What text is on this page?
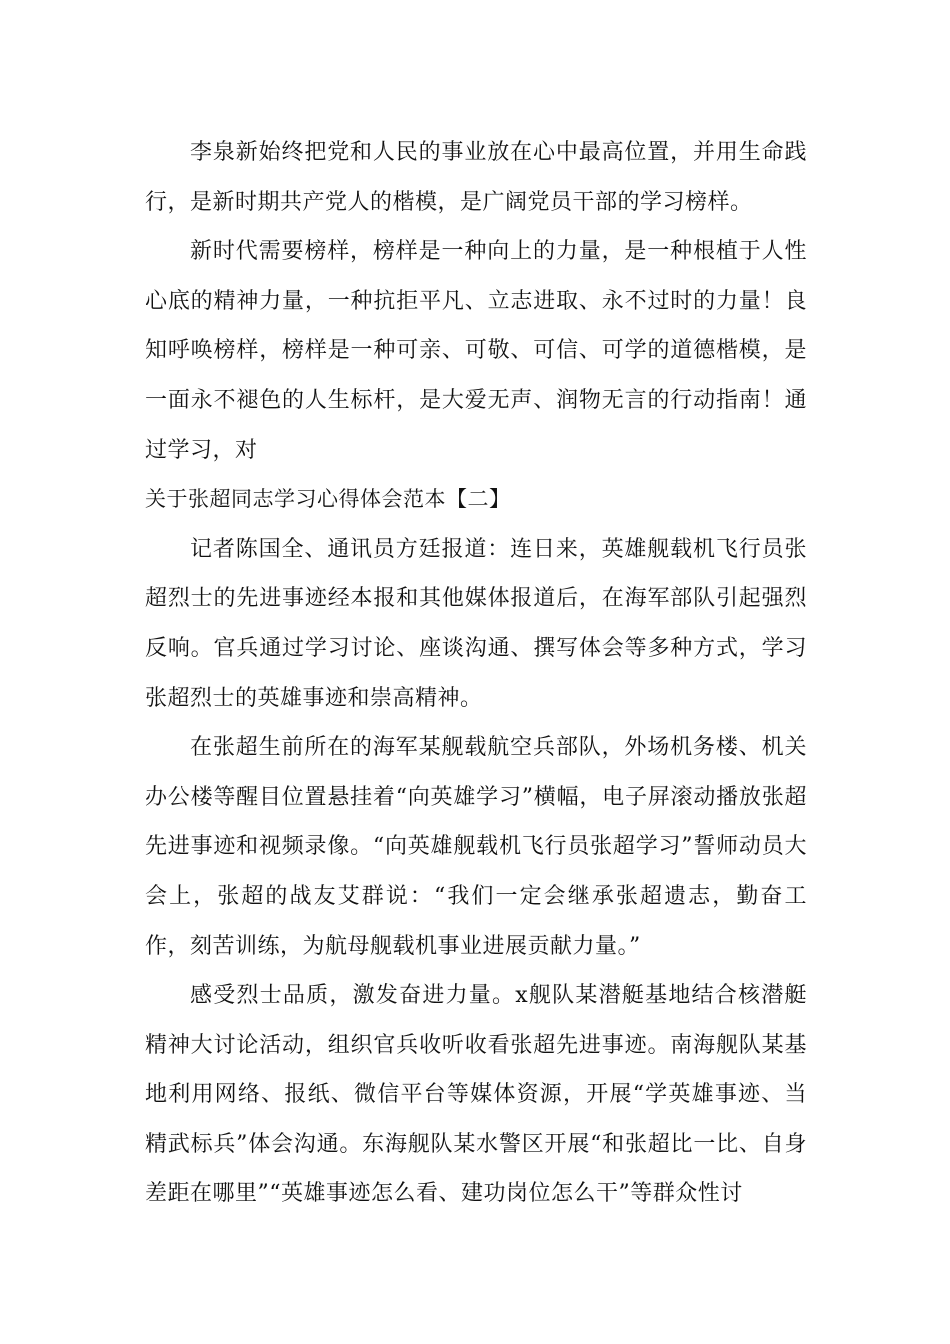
李泉新始终把党和人民的事业放在心中最高位置，并用生命践行，是新时期共产党人的楷模，是广阔党员干部的学习榜样。

新时代需要榜样，榜样是一种向上的力量，是一种根植于人性心底的精神力量，一种抗拒平凡、立志进取、永不过时的力量！良知呼唤榜样，榜样是一种可亲、可敬、可信、可学的道德楷模，是一面永不褪色的人生标杆，是大爱无声、润物无言的行动指南！通过学习，对

关于张超同志学习心得体会范本【二】

记者陈国全、通讯员方廷报道：连日来，英雄舰载机飞行员张超烈士的先进事迹经本报和其他媒体报道后，在海军部队引起强烈反响。官兵通过学习讨论、座谈沟通、撰写体会等多种方式，学习张超烈士的英雄事迹和崇高精神。

在张超生前所在的海军某舰载航空兵部队，外场机务楼、机关办公楼等醒目位置悬挂着“向英雄学习”横幅，电子屏滚动播放张超先进事迹和视频录像。“向英雄舰载机飞行员张超学习”誓师动员大会上，张超的战友艾群说：“我们一定会继承张超遗志，勤奋工作，刻苦训练，为航母舰载机事业进展贡献力量。”

感受烈士品质，激发奋进力量。x舰队某潜艇基地结合核潜艇精神大讨论活动，组织官兵收听收看张超先进事迹。南海舰队某基地利用网络、报纸、微信平台等媒体资源，开展“学英雄事迹、当精武标兵”体会沟通。东海舰队某水警区开展“和张超比一比、自身差距在哪里”“英雄事迹怎么看、建功岗位怎么干”等群众性讨
